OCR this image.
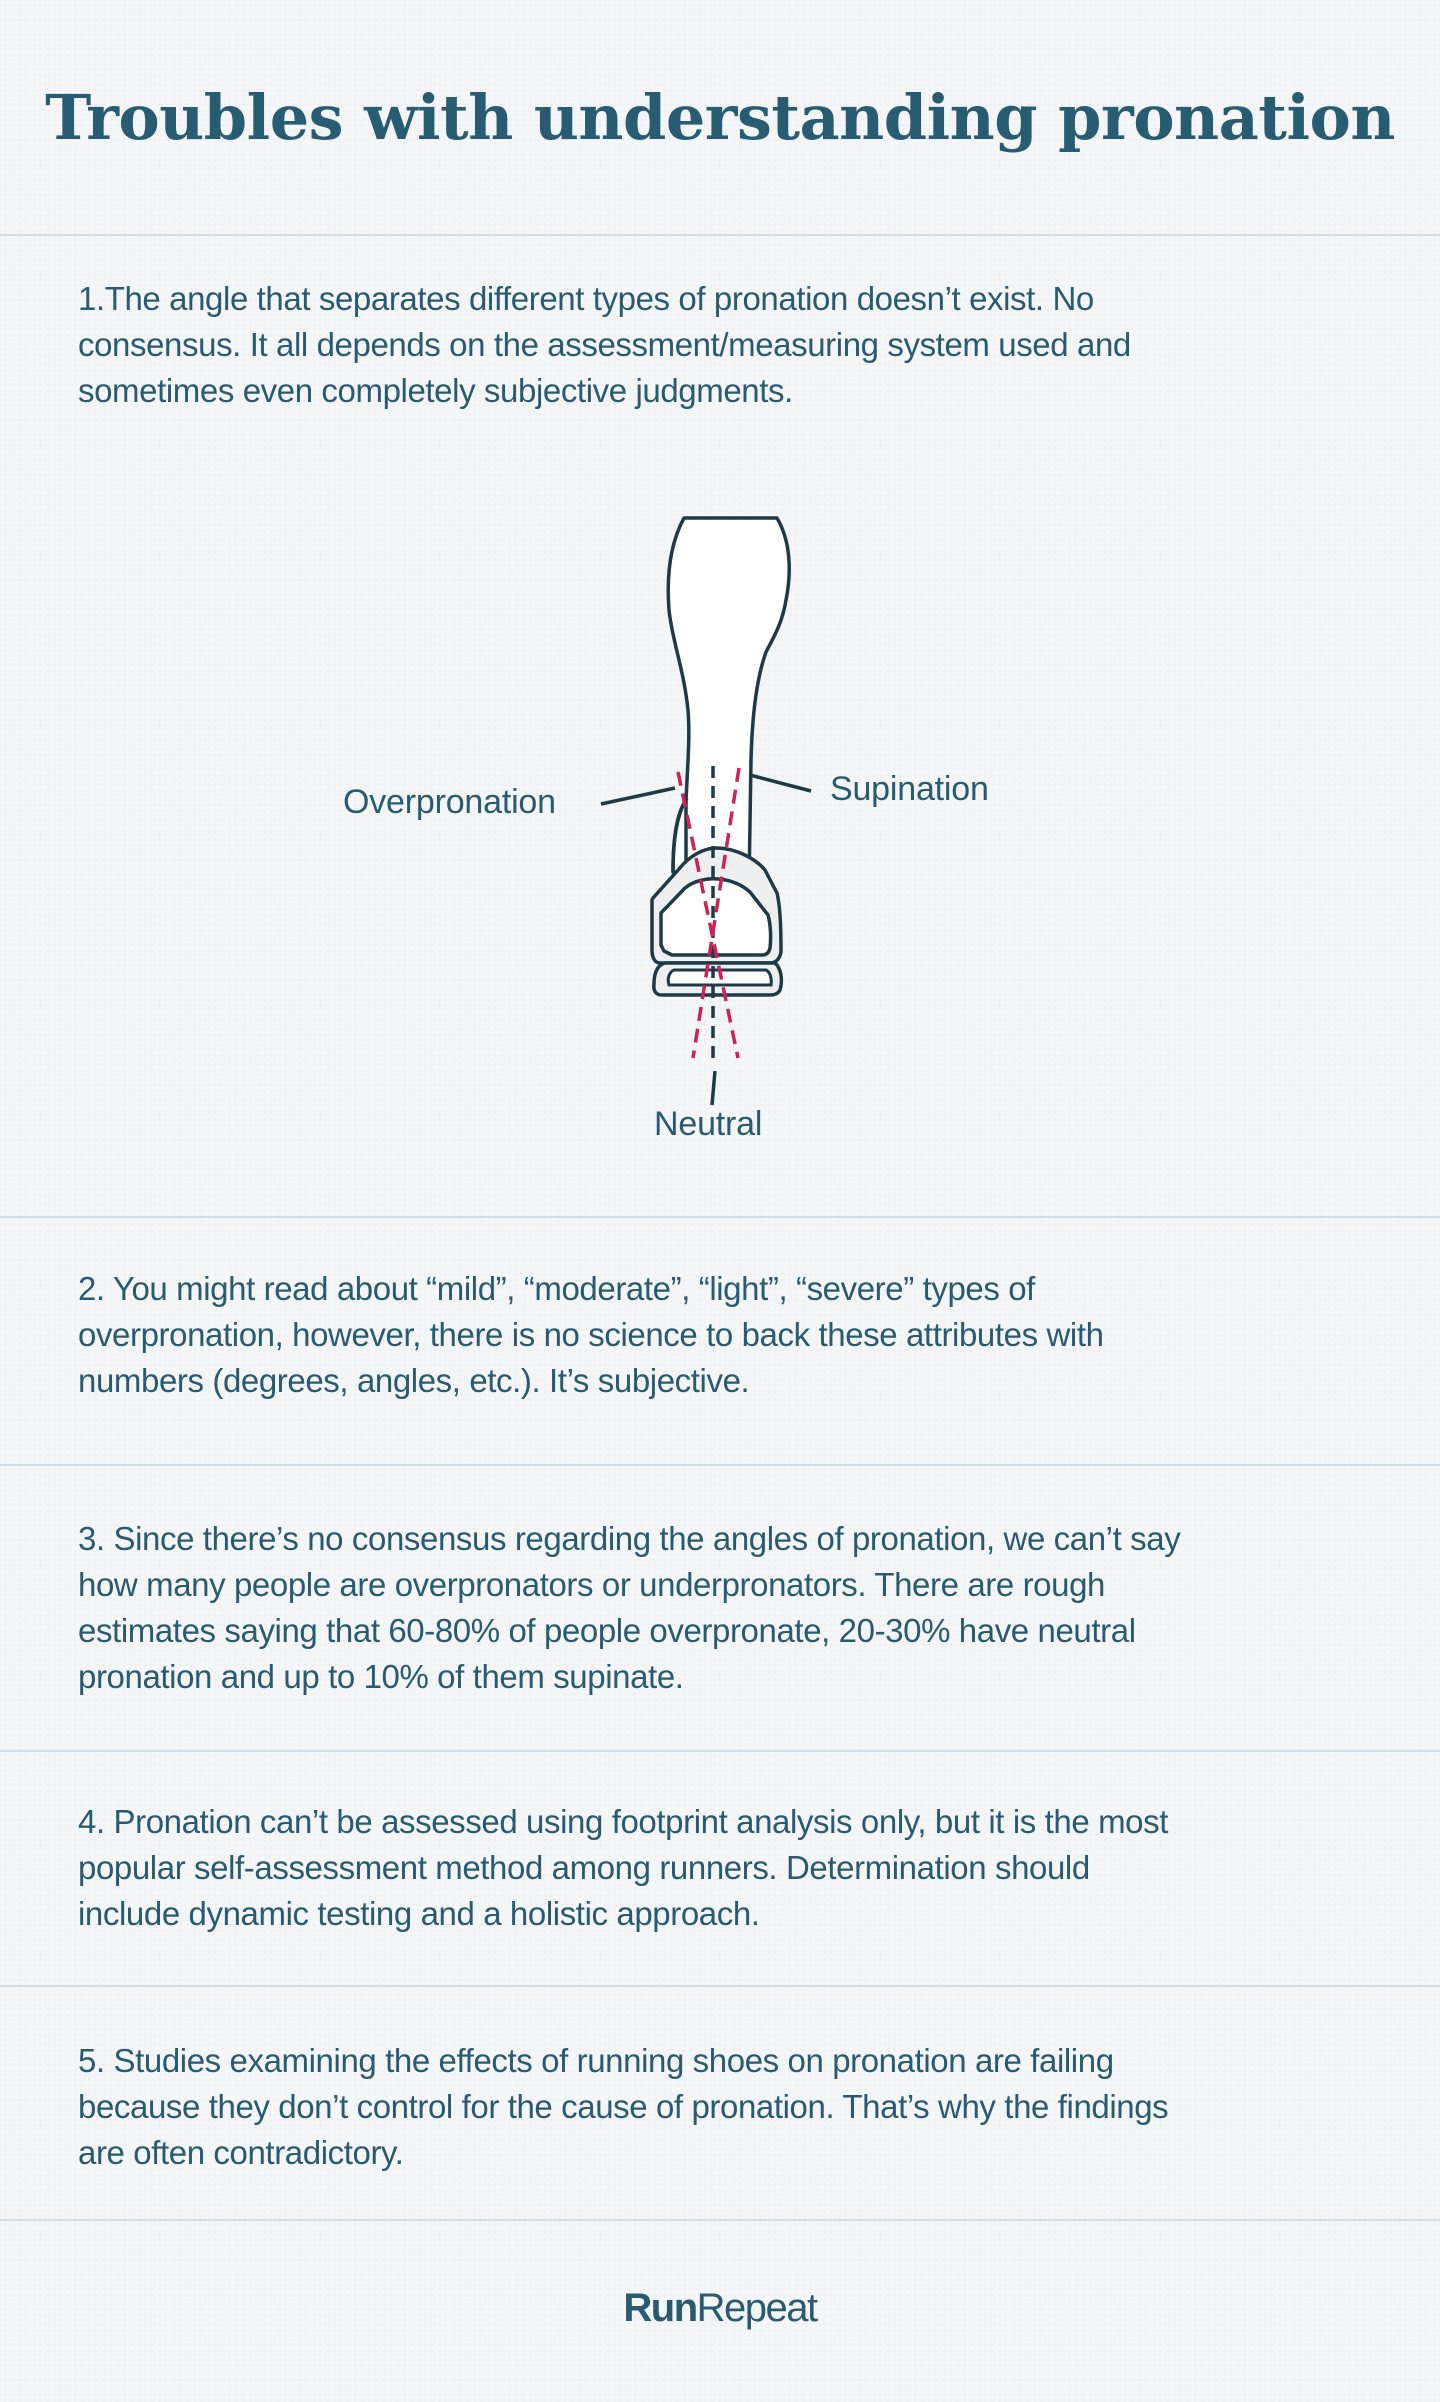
Troubles with understanding pronation
1.The angle that separates different types of pronation doesn’t exist. No
consensus. It all depends on the assessment/measuring system used and
sometimes even completely subjective judgments.
Overpronation	Supination
Neutral
2. You might read about “mild”, “moderate”, “light”, “severe” types of
overpronation, however, there is no science to back these attributes with
numbers (degrees, angles, etc.). It’s subjective.
3. Since there’s no consensus regarding the angles of pronation, we can’t say
how many people are overpronators or underpronators. There are rough
estimates saying that 60-80% of people overpronate, 20-30% have neutral
pronation and up to 10% of them supinate.
4. Pronation can’t be assessed using footprint analysis only, but it is the most
popular self-assessment method among runners. Determination should
include dynamic testing and a holistic approach.
5. Studies examining the effects of running shoes on pronation are failing
because they don’t control for the cause of pronation. That’s why the findings
are often contradictory.
RunRepeat
